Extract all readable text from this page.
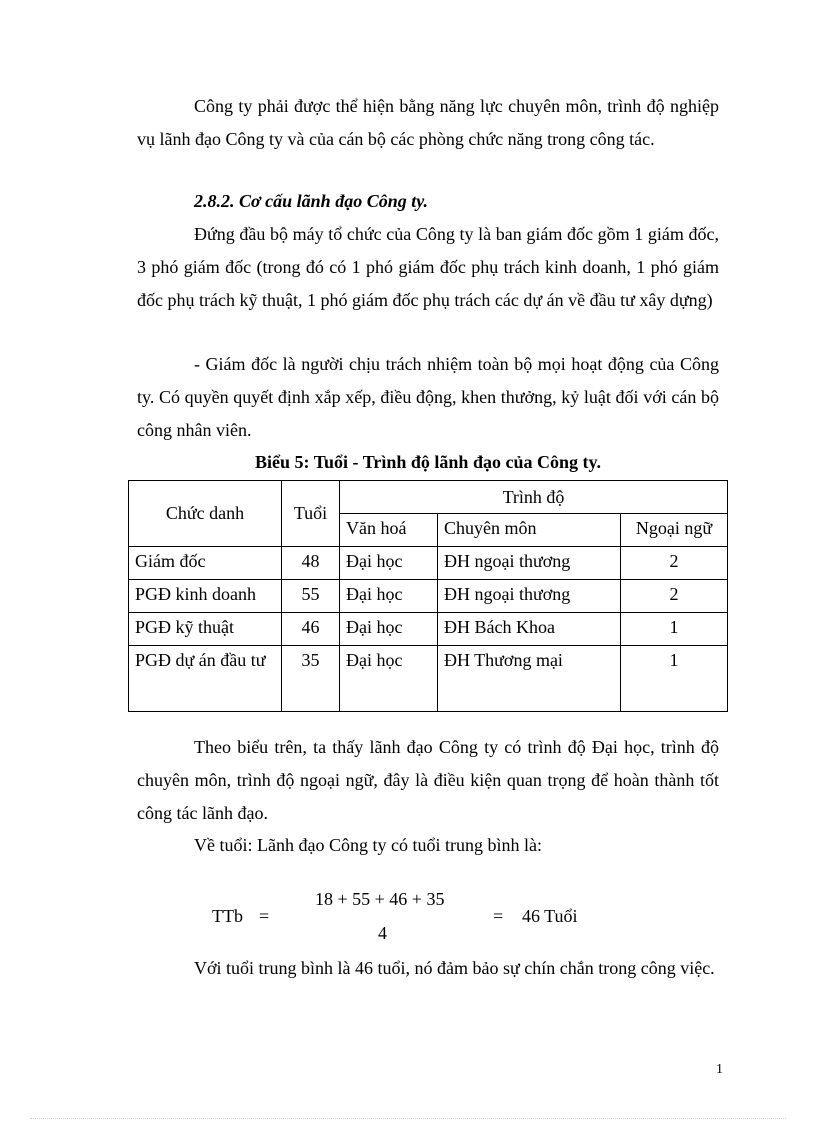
Công ty phải được thể hiện bằng năng lực chuyên môn, trình độ nghiệp vụ lãnh đạo Công ty và của cán bộ các phòng chức năng trong công tác.

2.8.2. Cơ cấu lãnh đạo Công ty.

Đứng đầu bộ máy tổ chức của Công ty là ban giám đốc gồm 1 giám đốc, 3 phó giám đốc (trong đó có 1 phó giám đốc phụ trách kinh doanh, 1 phó giám đốc phụ trách kỹ thuật, 1 phó giám đốc phụ trách các dự án về đầu tư xây dựng)

- Giám đốc là người chịu trách nhiệm toàn bộ mọi hoạt động của Công ty. Có quyền quyết định xắp xếp, điều động, khen thưởng, kỷ luật đối với cán bộ công nhân viên.

Biểu 5: Tuổi - Trình độ lãnh đạo của Công ty.

Chức danh	Tuổi	Trình độ		
		Văn hoá	Chuyên môn	Ngoại ngữ
Giám đốc	48	Đại học	ĐH ngoại thương	2
PGĐ kinh doanh	55	Đại học	ĐH ngoại thương	2
PGĐ kỹ thuật	46	Đại học	ĐH Bách Khoa	1
PGĐ dự án đầu tư	35	Đại học	ĐH Thương mại	1

Theo biểu trên, ta thấy lãnh đạo Công ty có trình độ Đại học, trình độ chuyên môn, trình độ ngoại ngữ, đây là điều kiện quan trọng để hoàn thành tốt công tác lãnh đạo.

Về tuổi: Lãnh đạo Công ty có tuổi trung bình là:

TTb =
18 + 55 + 46 + 35
4
= 46 Tuổi

Với tuổi trung bình là 46 tuổi, nó đảm bảo sự chín chắn trong công việc.

1
